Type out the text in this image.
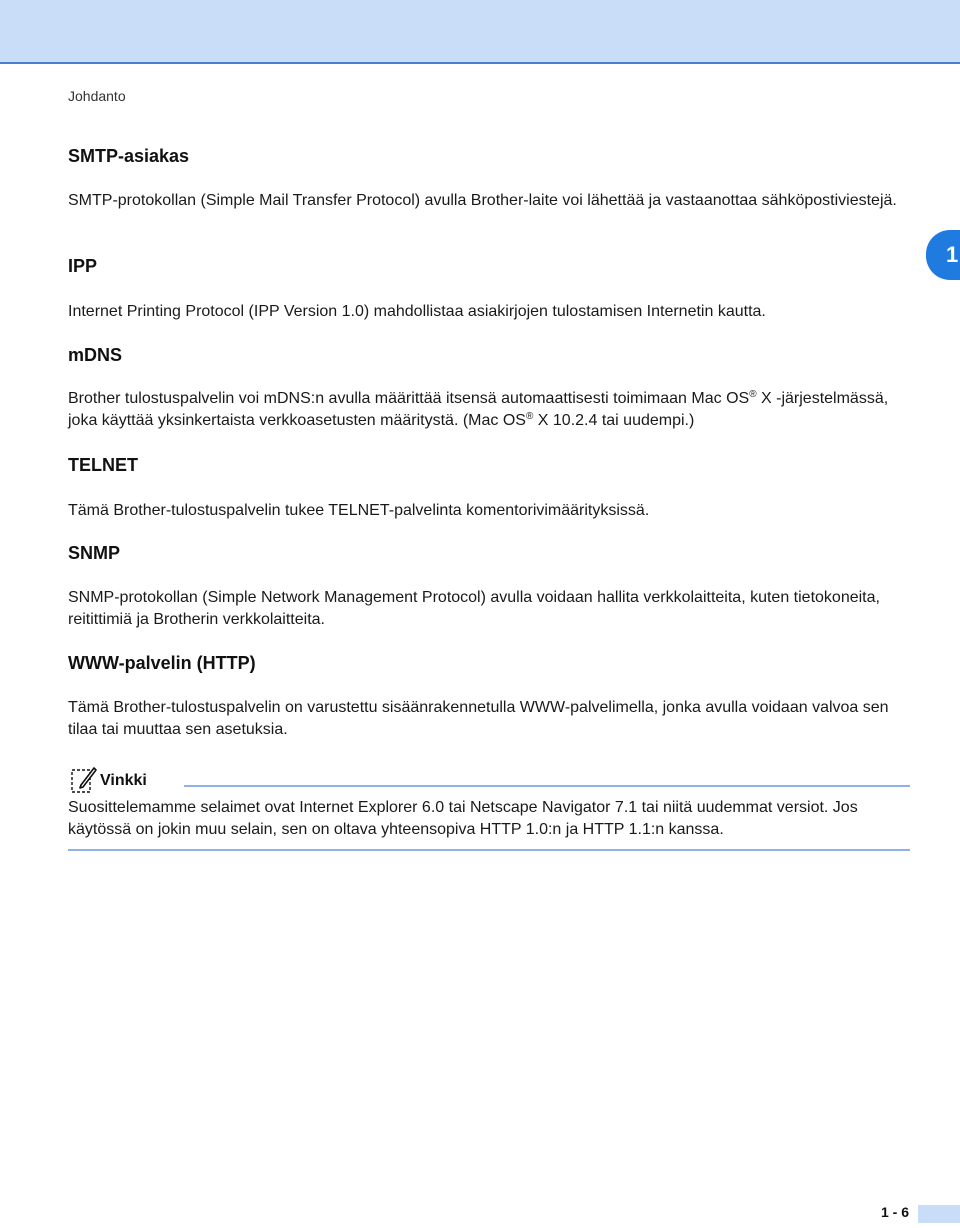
Johdanto
1
SMTP-asiakas

SMTP-protokollan (Simple Mail Transfer Protocol) avulla Brother-laite voi lähettää ja vastaanottaa sähköpostiviestejä.

IPP

Internet Printing Protocol (IPP Version 1.0) mahdollistaa asiakirjojen tulostamisen Internetin kautta.

mDNS

Brother tulostuspalvelin voi mDNS:n avulla määrittää itsensä automaattisesti toimimaan Mac OS® X -järjestelmässä, joka käyttää yksinkertaista verkkoasetusten määritystä. (Mac OS® X 10.2.4 tai uudempi.)

TELNET

Tämä Brother-tulostuspalvelin tukee TELNET-palvelinta komentorivimäärityksissä.

SNMP

SNMP-protokollan (Simple Network Management Protocol) avulla voidaan hallita verkkolaitteita, kuten tietokoneita, reitittimiä ja Brotherin verkkolaitteita.

WWW-palvelin (HTTP)

Tämä Brother-tulostuspalvelin on varustettu sisäänrakennetulla WWW-palvelimella, jonka avulla voidaan valvoa sen tilaa tai muuttaa sen asetuksia.

Vinkki

Suosittelemamme selaimet ovat Internet Explorer 6.0 tai Netscape Navigator 7.1 tai niitä uudemmat versiot. Jos käytössä on jokin muu selain, sen on oltava yhteensopiva HTTP 1.0:n ja HTTP 1.1:n kanssa.

1 - 6
